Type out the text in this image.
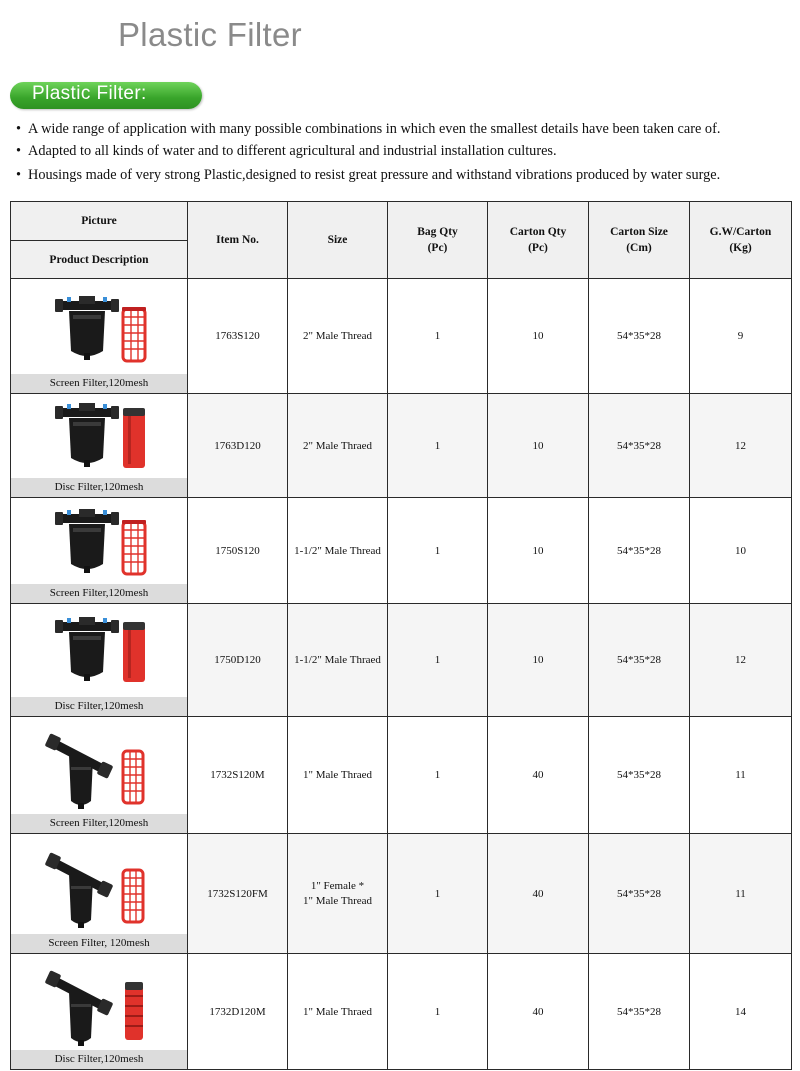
Plastic Filter
Plastic Filter:
• A wide range of application with many possible combinations in which even the smallest details have been taken care of.
• Adapted to all kinds of water and to different agricultural and industrial installation cultures.
• Housings made of very strong Plastic,designed to resist great pressure and withstand vibrations produced by water surge.
Picture	Item No.	Size	Bag Qty
(Pc)	Carton Qty
(Pc)	Carton Size
(Cm)	G.W/Carton
(Kg)
Product Description						

Screen Filter,120mesh	1763S120	2" Male Thread	1	10	54*35*28	9

Disc Filter,120mesh	1763D120	2" Male Thraed	1	10	54*35*28	12

Screen Filter,120mesh	1750S120	1-1/2" Male Thread	1	10	54*35*28	10

Disc Filter,120mesh	1750D120	1-1/2" Male Thraed	1	10	54*35*28	12

Screen Filter,120mesh	1732S120M	1" Male Thraed	1	40	54*35*28	11

Screen Filter, 120mesh	1732S120FM	1" Female *
1" Male Thread	1	40	54*35*28	11

Disc Filter,120mesh	1732D120M	1" Male Thraed	1	40	54*35*28	14
